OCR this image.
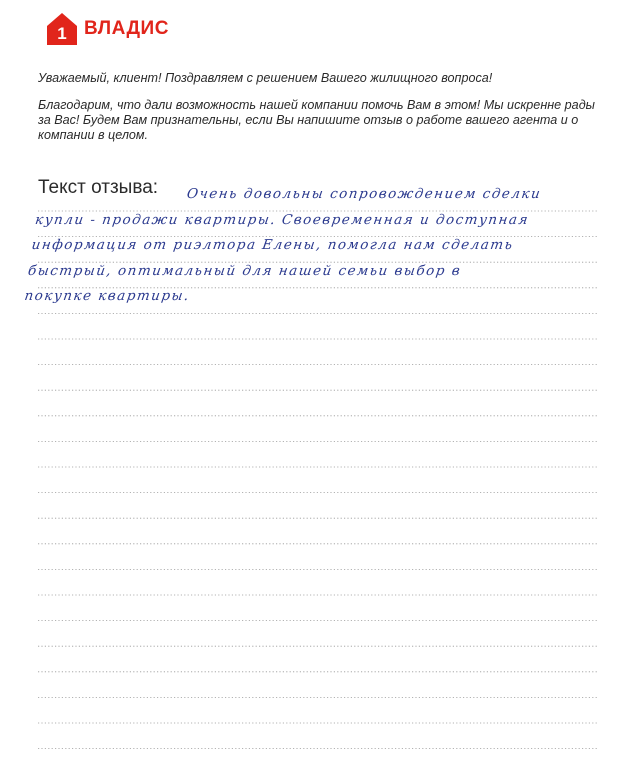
1 ВЛАДИС

Уважаемый, клиент! Поздравляем с решением Вашего жилищного вопроса!

Благодарим, что дали возможность нашей компании помочь Вам в этом! Мы искренне рады за Вас! Будем Вам признательны, если Вы напишите отзыв о работе вашего агента и о компании в целом.

Текст отзыва: Очень довольны сопровождением сделки
купли - продажи квартиры. Своевременная и доступная
информация от риэлтора Елены, помогла нам сделать
быстрый, оптимальный для нашей семьи выбор в
покупке квартиры.
